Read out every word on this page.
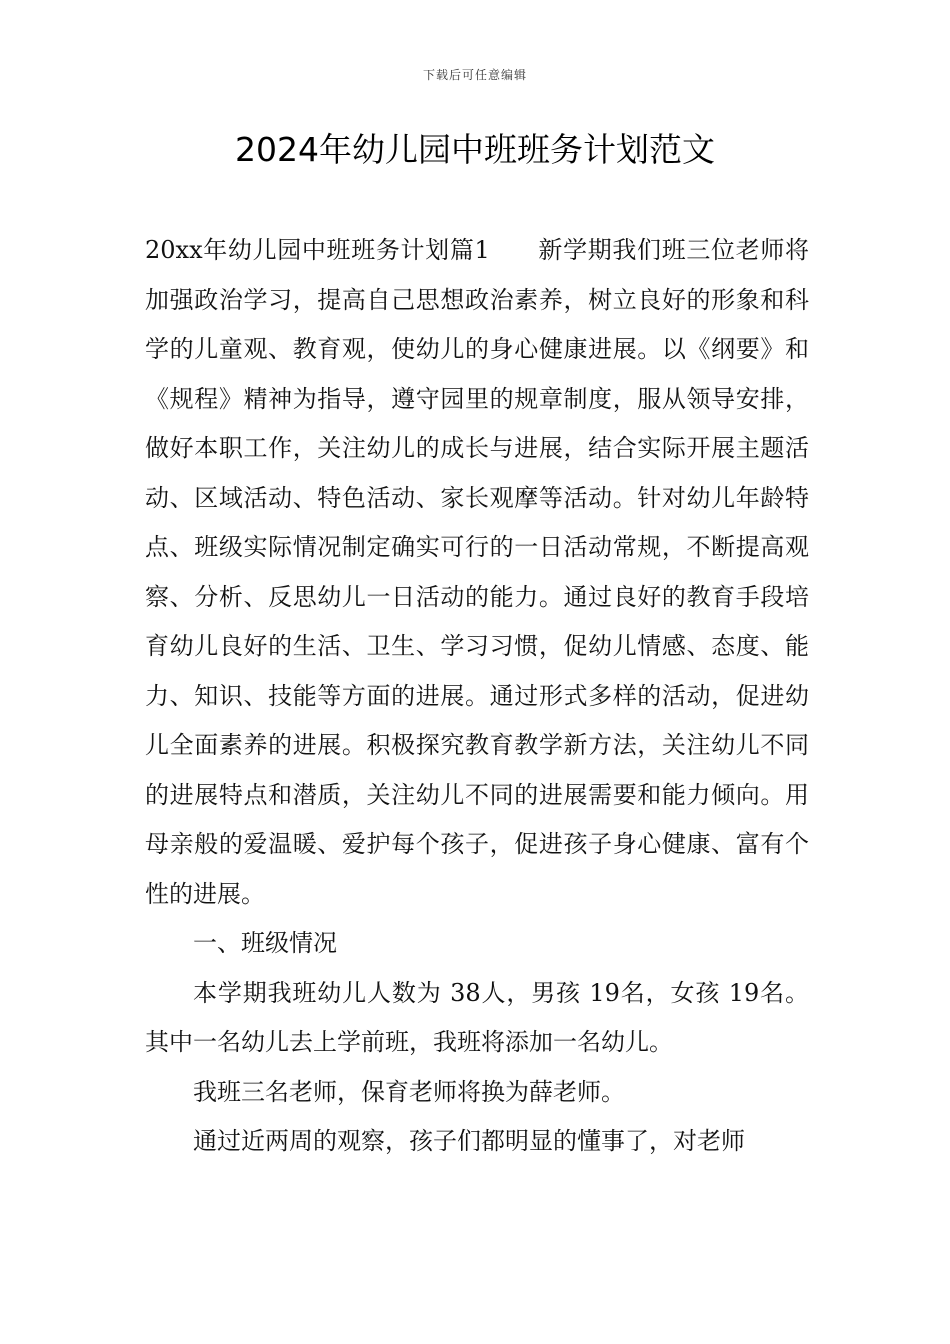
下载后可任意编辑
2024年幼儿园中班班务计划范文

20xx年幼儿园中班班务计划篇1 新学期我们班三位老师将加强政治学习，提高自己思想政治素养，树立良好的形象和科学的儿童观、教育观，使幼儿的身心健康进展。以《纲要》和《规程》精神为指导，遵守园里的规章制度，服从领导安排，做好本职工作，关注幼儿的成长与进展，结合实际开展主题活动、区域活动、特色活动、家长观摩等活动。针对幼儿年龄特点、班级实际情况制定确实可行的一日活动常规，不断提高观察、分析、反思幼儿一日活动的能力。通过良好的教育手段培育幼儿良好的生活、卫生、学习习惯，促幼儿情感、态度、能力、知识、技能等方面的进展。通过形式多样的活动，促进幼儿全面素养的进展。积极探究教育教学新方法，关注幼儿不同的进展特点和潜质，关注幼儿不同的进展需要和能力倾向。用母亲般的爱温暖、爱护每个孩子，促进孩子身心健康、富有个性的进展。

一、班级情况

本学期我班幼儿人数为 38人，男孩 19名，女孩 19名。其中一名幼儿去上学前班，我班将添加一名幼儿。

我班三名老师，保育老师将换为薛老师。

通过近两周的观察，孩子们都明显的懂事了，对老师
